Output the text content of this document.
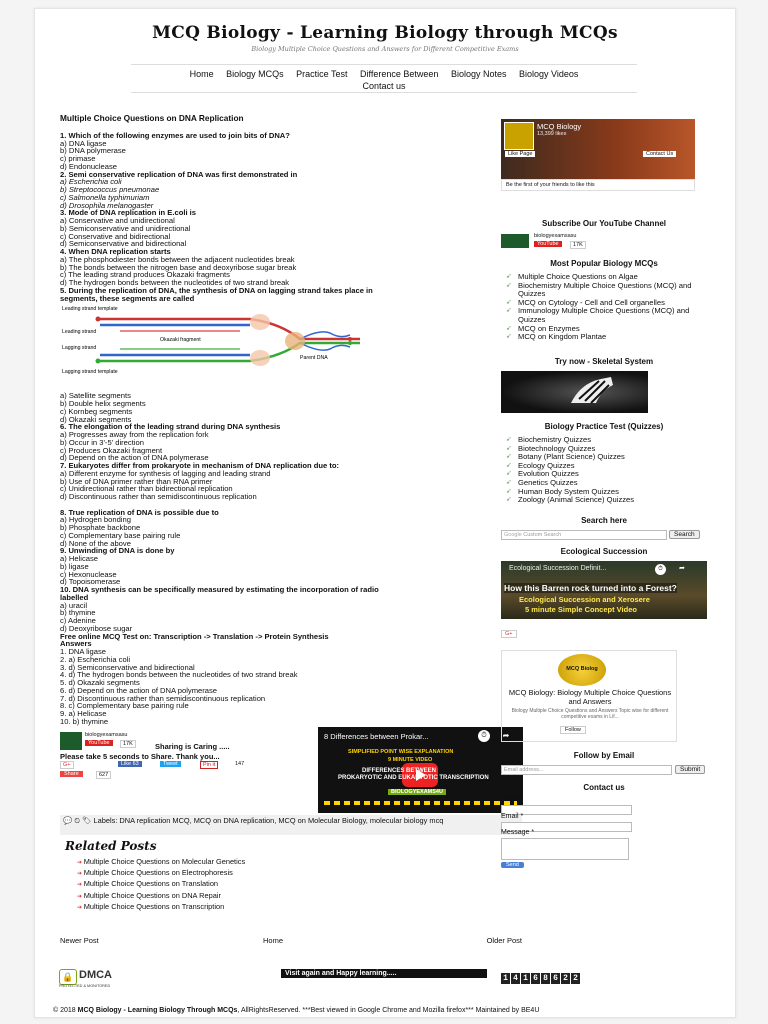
MCQ Biology - Learning Biology through MCQs
Biology Multiple Choice Questions and Answers for Different Competitive Exams
Home Biology MCQs Practice Test Difference Between Biology Notes Biology Videos
Contact us
Multiple Choice Questions on DNA Replication
1. Which of the following enzymes are used to join bits of DNA?
a) DNA ligase
b) DNA polymerase
c) primase
d) Endonuclease
2. Semi conservative replication of DNA was first demonstrated in
a) Escherichia coli
b) Streptococcus pneumonae
c) Salmonella typhimuriam
d) Drosophila melanogaster
3. Mode of DNA replication in E.coli is
a) Conservative and unidirectional
b) Semiconservative and unidirectional
c) Conservative and bidirectional
d) Semiconservative and bidirectional
4. When DNA replication starts
a) The phosphodiester bonds between the adjacent nucleotides break
b) The bonds between the nitrogen base and deoxyribose sugar break
c) The leading strand produces Okazaki fragments
d) The hydrogen bonds between the nucleotides of two strand break
5. During the replication of DNA, the synthesis of DNA on lagging strand takes place in
segments, these segments are called
Leading strand template
Leading strand
Lagging strand
Okazaki fragment
Parent DNA
Lagging strand template
a) Satellite segments
b) Double helix segments
c) Kornbeg segments
d) Okazaki segments
6. The elongation of the leading strand during DNA synthesis
a) Progresses away from the replication fork
b) Occur in 3'-5' direction
c) Produces Okazaki fragment
d) Depend on the action of DNA polymerase
7. Eukaryotes differ from prokaryote in mechanism of DNA replication due to:
a) Different enzyme for synthesis of lagging and leading strand
b) Use of DNA primer rather than RNA primer
c) Unidirectional rather than bidirectional replication
d) Discontinuous rather than semidiscontinuous replication
8. True replication of DNA is possible due to
a) Hydrogen bonding
b) Phosphate backbone
c) Complementary base pairing rule
d) None of the above
9. Unwinding of DNA is done by
a) Helicase
b) ligase
c) Hexonuclease
d) Topoisomerase
10. DNA synthesis can be specifically measured by estimating the incorporation of radio
labelled
a) uracil
b) thymine
c) Adenine
d) Deoxyribose sugar
Free online MCQ Test on: Transcription -> Translation -> Protein Synthesis
Answers
1. DNA ligase
2. a) Escherichia coli
3. d) Semiconservative and bidirectional
4. d) The hydrogen bonds between the nucleotides of two strand break
5. d) Okazaki segments
6. d) Depend on the action of DNA polymerase
7. d) Discontinuous rather than semidiscontinuous replication
8. c) Complementary base pairing rule
9. a) Helicase
10. b) thymine
biologyexamsasu
YouTube	17K	Sharing is Caring .....
Please take 5 seconds to Share. Thank you...
G+	Like 63	Tweet	Pin it	147
Share	627
8 Differences between Prokar...	⏱	➦
SIMPLIFIED POINT WISE EXPLANATION
9 MINUTE VIDEO
DIFFERENCES BETWEEN
PROKARYOTIC AND EUKARYOTIC TRANSCRIPTION
BIOLOGYEXAMS4U
💬 ⏲ 🏷 Labels: DNA replication MCQ, MCQ on DNA replication, MCQ on Molecular Biology, molecular biology mcq
Related Posts
➔ Multiple Choice Questions on Molecular Genetics
➔ Multiple Choice Questions on Electrophoresis
➔ Multiple Choice Questions on Translation
➔ Multiple Choice Questions on DNA Repair
➔ Multiple Choice Questions on Transcription
Newer Post	Home	Older Post
MCQ Biology
13,399 likes
Like Page	Contact Us
Be the first of your friends to like this
Subscribe Our YouTube Channel
biologyexamsasu
YouTube	17K
Most Popular Biology MCQs
➹ Multiple Choice Questions on Algae
➹ Biochemistry Multiple Choice Questions (MCQ) and Quizzes
➹ MCQ on Cytology - Cell and Cell organelles
➹ Immunology Multiple Choice Questions (MCQ) and Quizzes
➹ MCQ on Enzymes
➹ MCQ on Kingdom Plantae
Try now - Skeletal System
Biology Practice Test (Quizzes)
➹ Biochemistry Quizzes
➹ Biotechnology Quizzes
➹ Botany (Plant Science) Quizzes
➹ Ecology Quizzes
➹ Evolution Quizzes
➹ Genetics Quizzes
➹ Human Body System Quizzes
➹ Zoology (Animal Science) Quizzes
Search here
Google Custom Search	Search
Ecological Succession
Ecological Succession Definit...	⏱	➦
How this Barren rock turned into a Forest?
Ecological Succession and Xerosere
5 minute Simple Concept Video
G+
MCQ Biolog
MCQ Biology: Biology Multiple Choice Questions and Answers
Biology Multiple Choice Questions and Answers Topic wise for different competitive exams in Lif...
Follow
Follow by Email
Email address...	Submit
Contact us
Name
Email *
Message *
Send
🔒 DMCA
PROTECTED & MONITORED
Visit again and Happy learning.....
1 4 1 6 8 6 2 2
© 2018 MCQ Biology - Learning Biology Through MCQs, AllRightsReserved. ***Best viewed in Google Chrome and Mozilla firefox*** Maintained by BE4U
